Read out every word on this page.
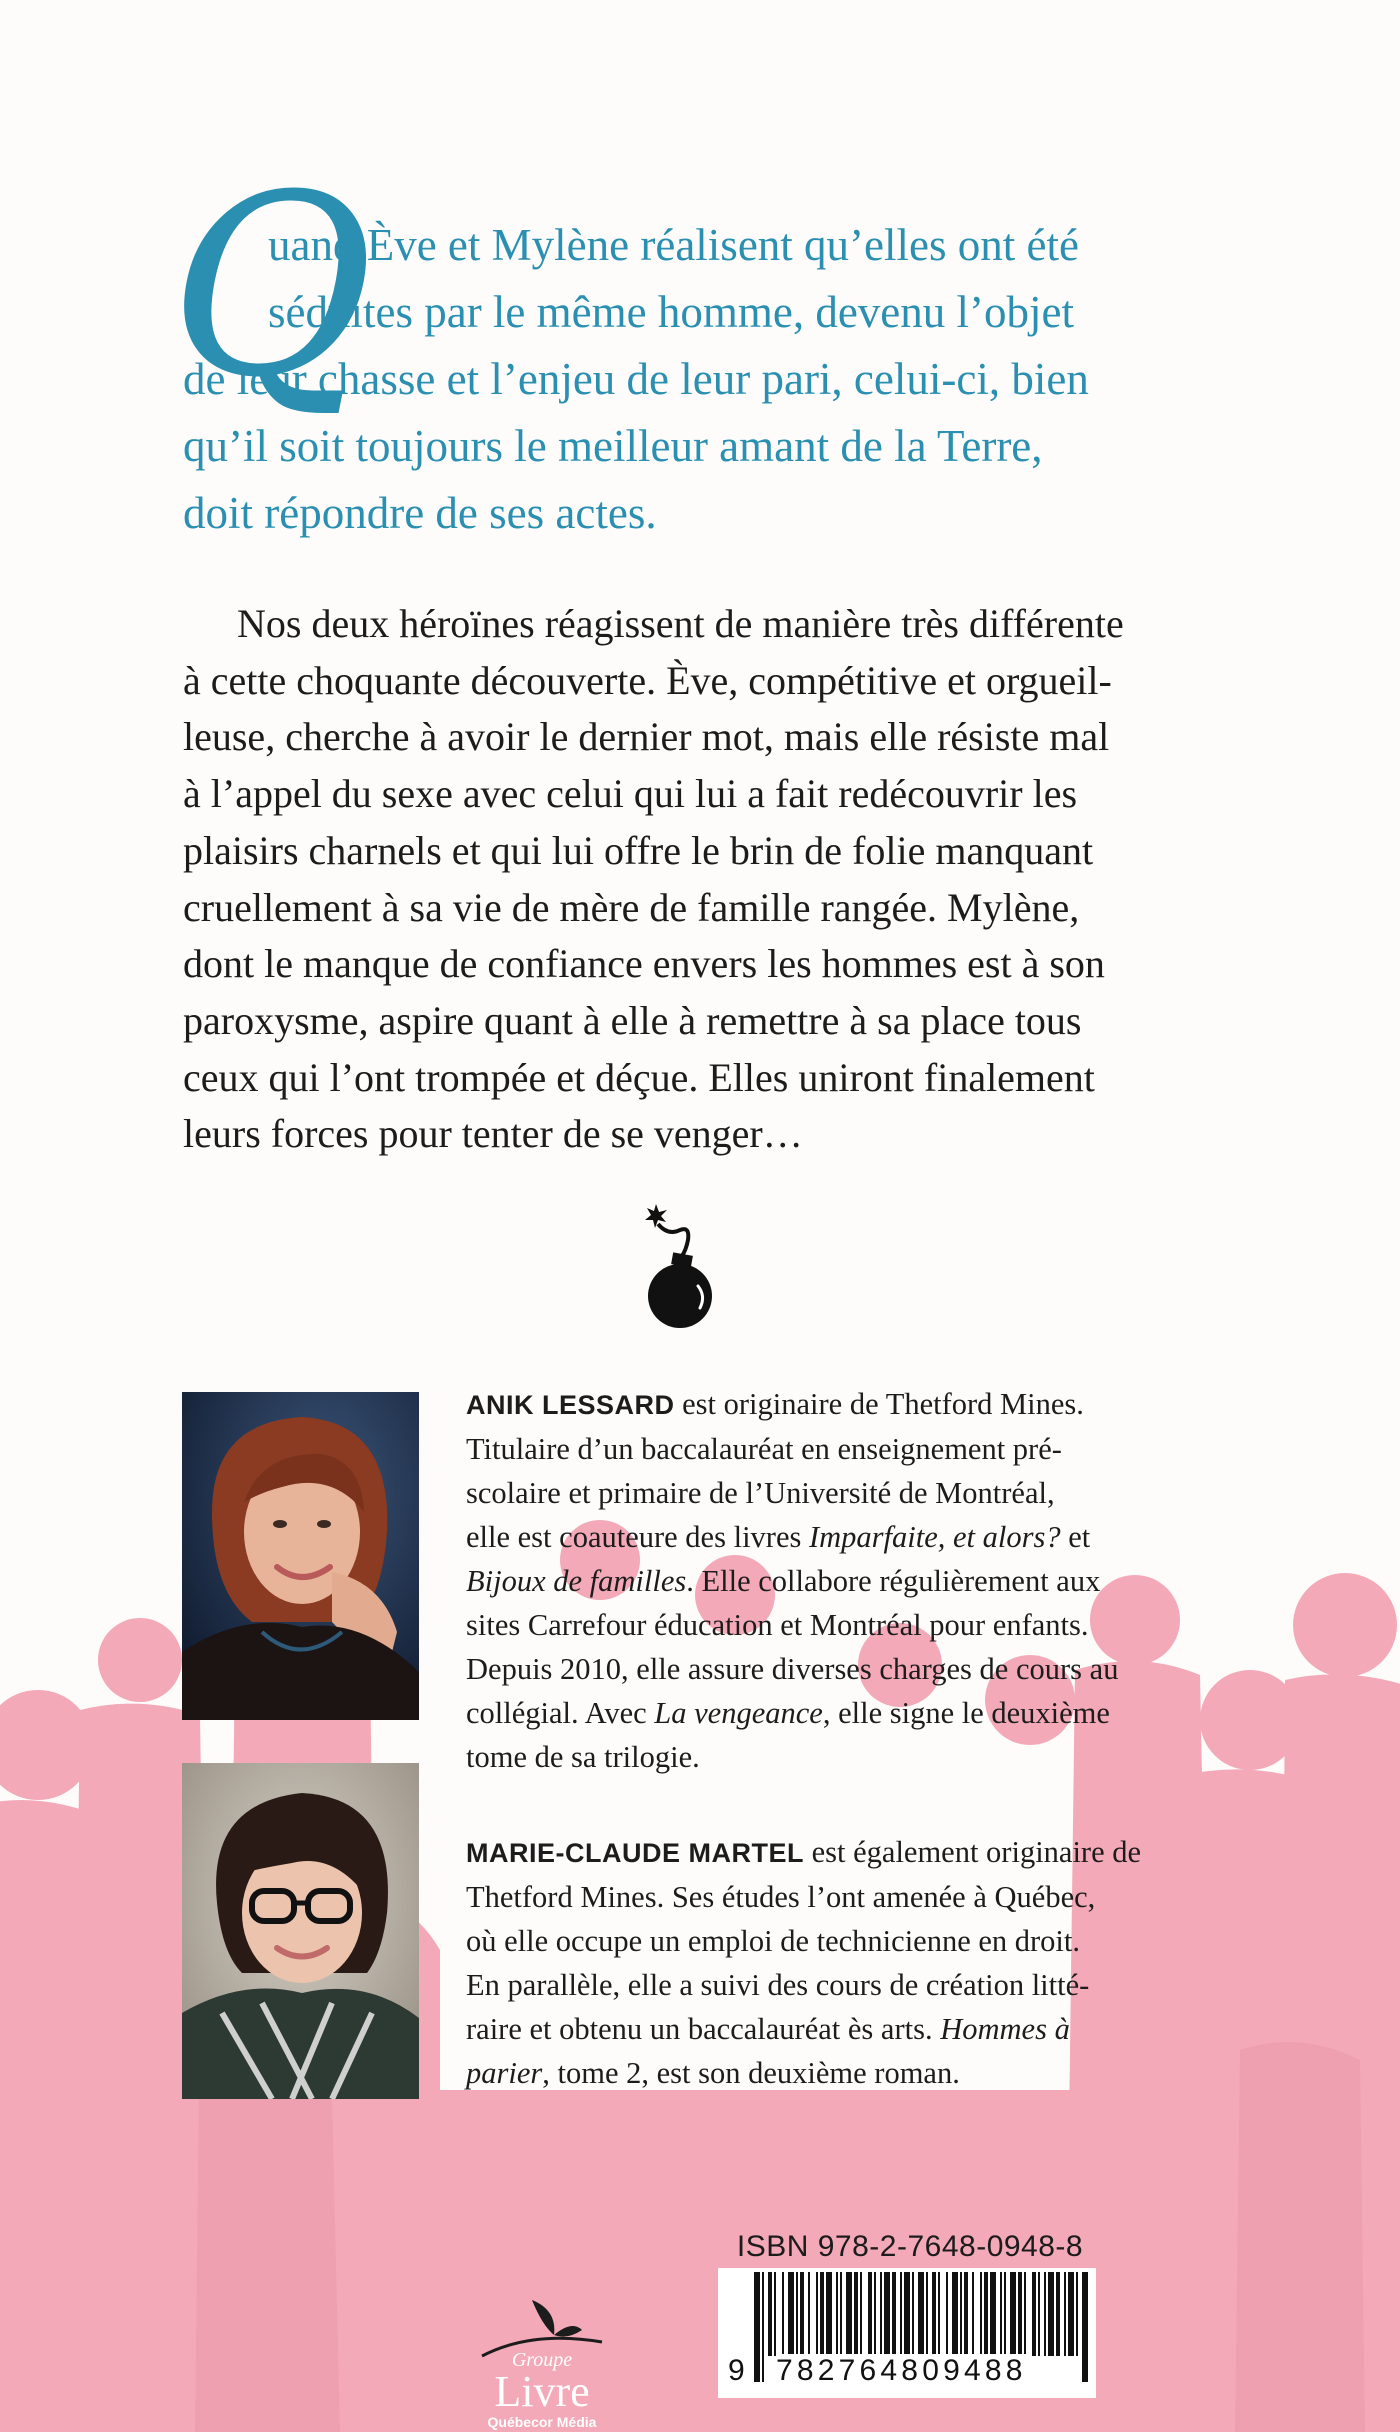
Q
uand Ève et Mylène réalisent qu’elles ont été
séduites par le même homme, devenu l’objet
de leur chasse et l’enjeu de leur pari, celui-ci, bien
qu’il soit toujours le meilleur amant de la Terre,
doit répondre de ses actes.
Nos deux héroïnes réagissent de manière très différente
à cette choquante découverte. Ève, compétitive et orgueil-
leuse, cherche à avoir le dernier mot, mais elle résiste mal
à l’appel du sexe avec celui qui lui a fait redécouvrir les
plaisirs charnels et qui lui offre le brin de folie manquant
cruellement à sa vie de mère de famille rangée. Mylène,
dont le manque de confiance envers les hommes est à son
paroxysme, aspire quant à elle à remettre à sa place tous
ceux qui l’ont trompée et déçue. Elles uniront finalement
leurs forces pour tenter de se venger…
ANIK LESSARD est originaire de Thetford Mines.
Titulaire d’un baccalauréat en enseignement pré-
scolaire et primaire de l’Université de Montréal,
elle est coauteure des livres Imparfaite, et alors? et
Bijoux de familles. Elle collabore régulièrement aux
sites Carrefour éducation et Montréal pour enfants.
Depuis 2010, elle assure diverses charges de cours au
collégial. Avec La vengeance, elle signe le deuxième
tome de sa trilogie.
MARIE-CLAUDE MARTEL est également originaire de
Thetford Mines. Ses études l’ont amenée à Québec,
où elle occupe un emploi de technicienne en droit.
En parallèle, elle a suivi des cours de création litté-
raire et obtenu un baccalauréat ès arts. Hommes à
parier, tome 2, est son deuxième roman.
Groupe
Livre
Québecor Média
ISBN 978-2-7648-0948-8
9 782764809488
